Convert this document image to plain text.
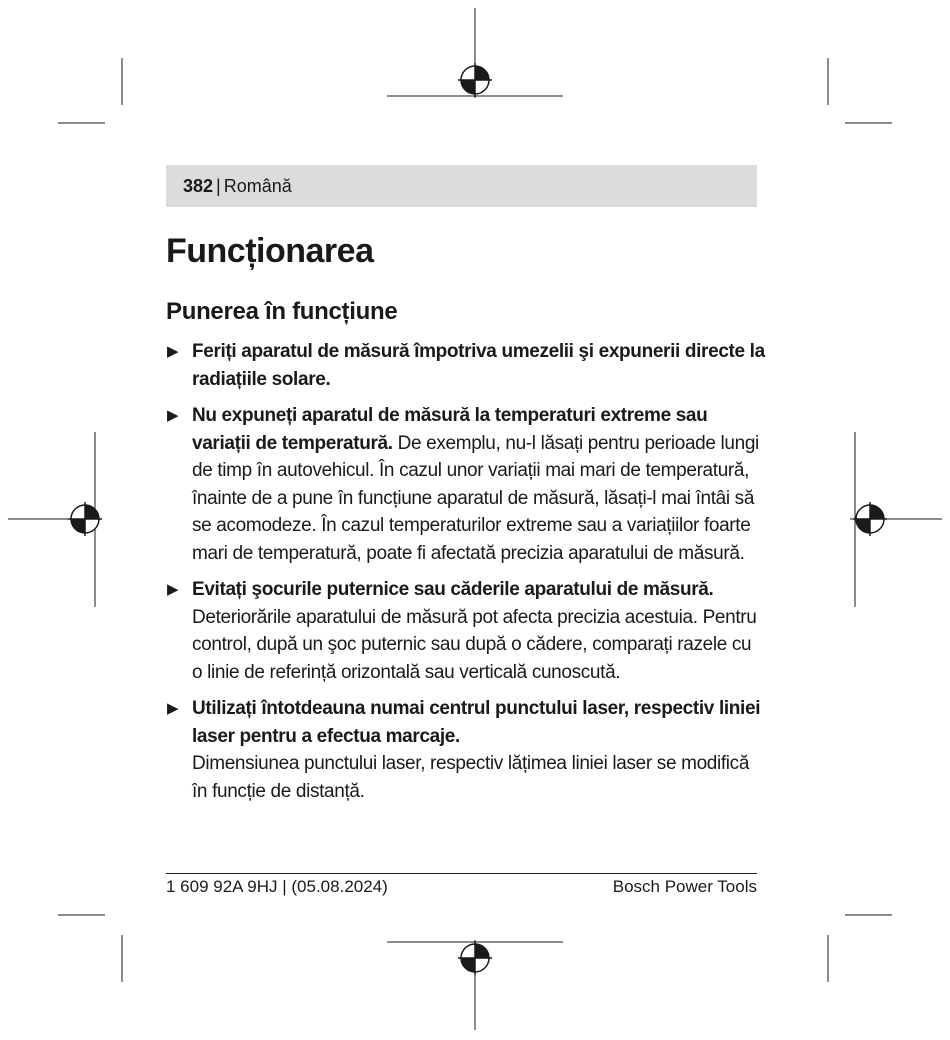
382 | Română
Funcționarea
Punerea în funcțiune
▶ Feriți aparatul de măsură împotriva umezelii şi expunerii directe la radiațiile solare.
▶ Nu expuneți aparatul de măsură la temperaturi extreme sau variații de temperatură. De exemplu, nu-l lăsați pentru perioade lungi de timp în autovehicul. În cazul unor variații mai mari de temperatură, înainte de a pune în funcțiune aparatul de măsură, lăsați-l mai întâi să se acomodeze. În cazul temperaturilor extreme sau a variațiilor foarte mari de temperatură, poate fi afectată precizia aparatului de măsură.
▶ Evitați şocurile puternice sau căderile aparatului de măsură. Deteriorările aparatului de măsură pot afecta precizia acestuia. Pentru control, după un şoc puternic sau după o cădere, comparați razele cu o linie de referință orizontală sau verticală cunoscută.
▶ Utilizați întotdeauna numai centrul punctului laser, respectiv liniei laser pentru a efectua marcaje.
Dimensiunea punctului laser, respectiv lățimea liniei laser se modifică în funcție de distanță.
1 609 92A 9HJ | (05.08.2024)	Bosch Power Tools
